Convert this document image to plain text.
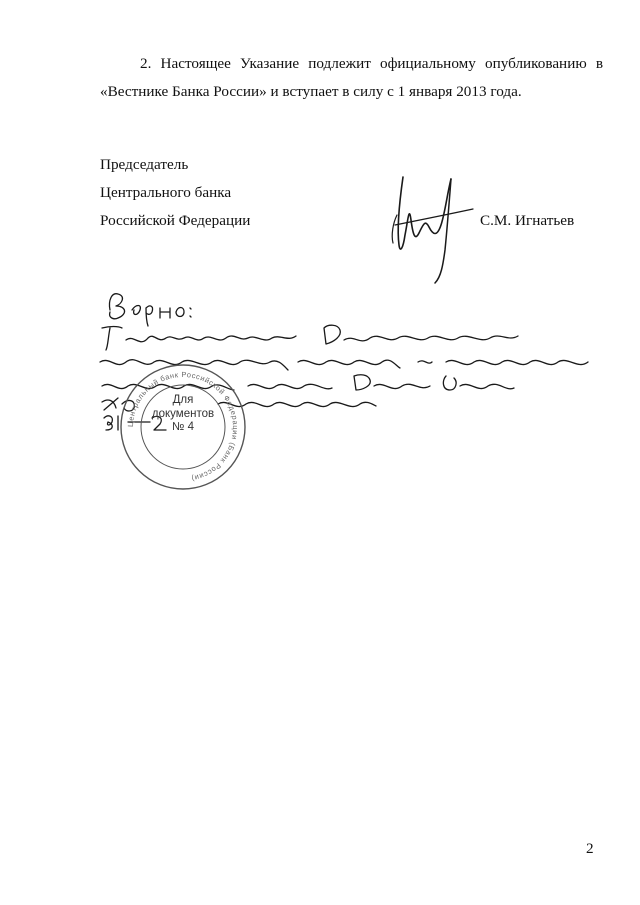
2. Настоящее Указание подлежит официальному опубликованию в
«Вестнике Банка России» и вступает в силу с 1 января 2013 года.

Председатель
Центрального банка
Российской Федерации	С.М. Игнатьев
Центральный банк Российской Федерации (Банк России)
Для
документов
№ 4
2
